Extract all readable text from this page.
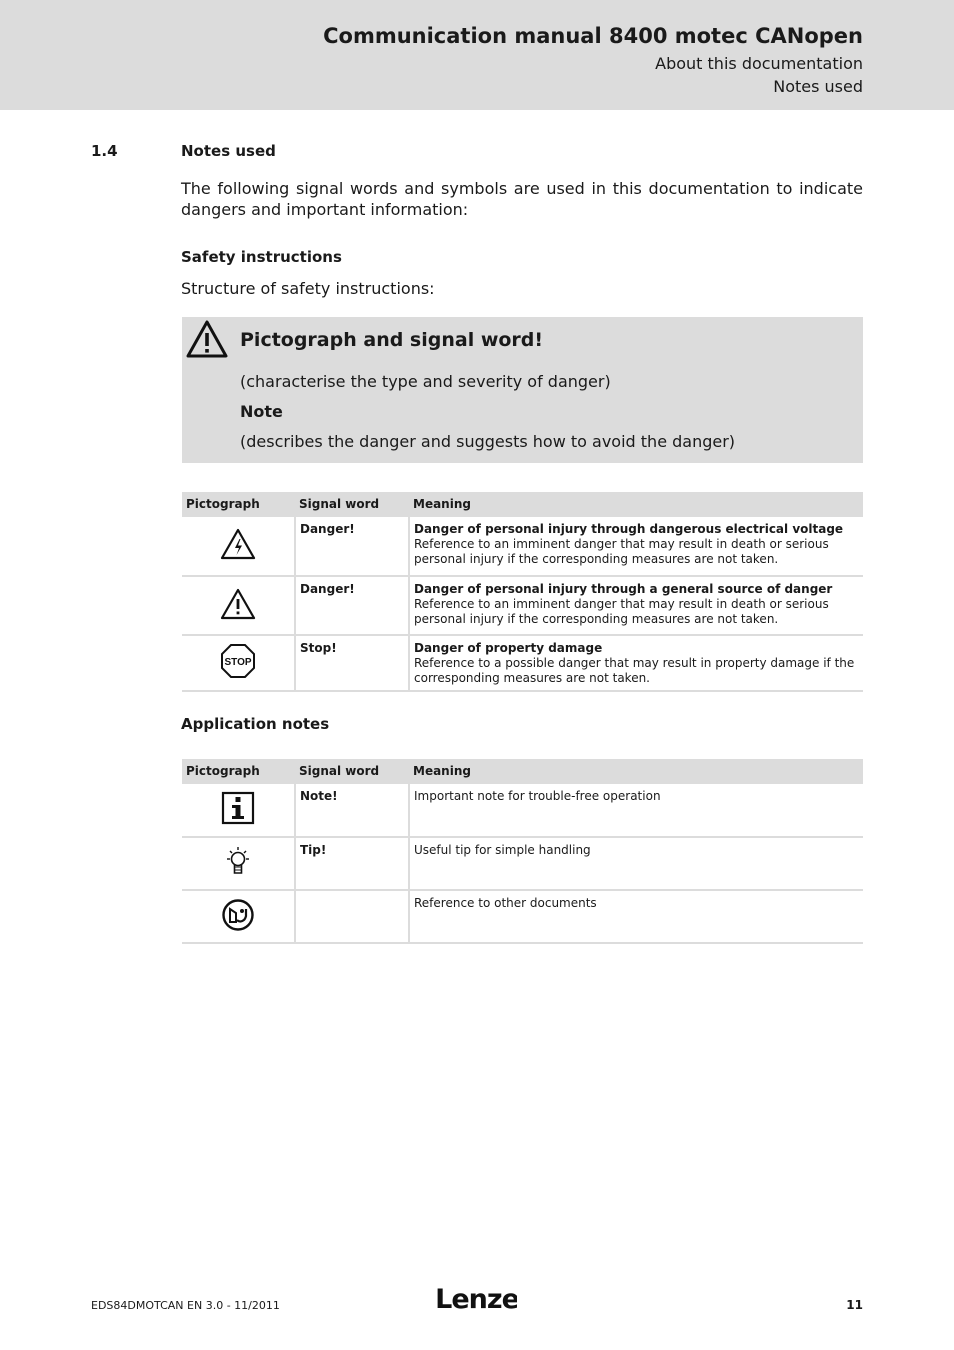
Communication manual 8400 motec CANopen
About this documentation
Notes used
1.4	Notes used

The following signal words and symbols are used in this documentation to indicate dangers and important information:

Safety instructions
Structure of safety instructions:
Pictograph and signal word!
(characterise the type and severity of danger)
Note
(describes the danger and suggests how to avoid the danger)
Pictograph	Signal word	Meaning
	Danger!	Danger of personal injury through dangerous electrical voltage
Reference to an imminent danger that may result in death or serious personal injury if the corresponding measures are not taken.
	Danger!	Danger of personal injury through a general source of danger
Reference to an imminent danger that may result in death or serious personal injury if the corresponding measures are not taken.

STOP	Stop!	Danger of property damage
Reference to a possible danger that may result in property damage if the corresponding measures are not taken.
Application notes
Pictograph	Signal word	Meaning
	Note!	Important note for trouble-free operation
	Tip!	Useful tip for simple handling
		Reference to other documents
EDS84DMOTCAN EN 3.0 - 11/2011	Lenze	11
